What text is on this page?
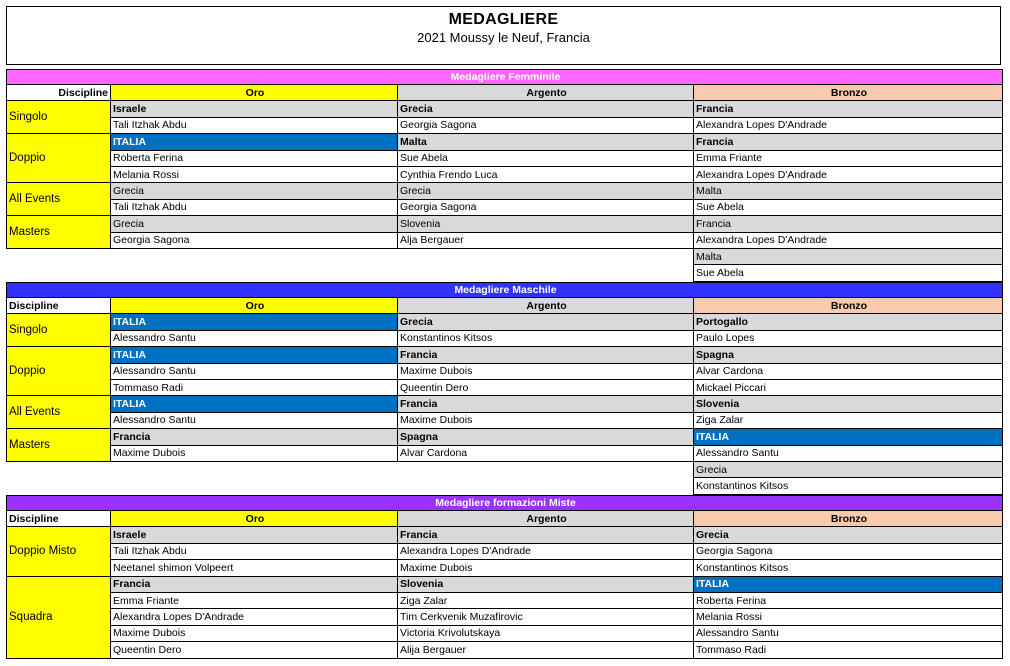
MEDAGLIERE
2021 Moussy le Neuf, Francia
Medagliere Femminile			
Discipline	Oro	Argento	Bronzo
Singolo	Israele	Grecia	Francia
	Tali Itzhak Abdu	Georgia Sagona	Alexandra Lopes D'Andrade
Doppio	ITALIA	Malta	Francia
	Roberta Ferina	Sue Abela	Emma Friante
	Melania Rossi	Cynthia Frendo Luca	Alexandra Lopes D'Andrade
All Events	Grecia	Grecia	Malta
	Tali Itzhak Abdu	Georgia Sagona	Sue Abela
Masters	Grecia	Slovenia	Francia
	Georgia Sagona	Alja Bergauer	Alexandra Lopes D'Andrade
			Malta
			Sue Abela
Medagliere Maschile			
Discipline	Oro	Argento	Bronzo
Singolo	ITALIA	Grecia	Portogallo
	Alessandro Santu	Konstantinos Kitsos	Paulo Lopes
Doppio	ITALIA	Francia	Spagna
	Alessandro Santu	Maxime Dubois	Alvar Cardona
	Tommaso Radi	Queentin Dero	Mickael Piccari
All Events	ITALIA	Francia	Slovenia
	Alessandro Santu	Maxime Dubois	Ziga Zalar
Masters	Francia	Spagna	ITALIA
	Maxime Dubois	Alvar Cardona	Alessandro Santu
			Grecia
			Konstantinos Kitsos
Medagliere formazioni Miste			
Discipline	Oro	Argento	Bronzo
Doppio Misto	Israele	Francia	Grecia
	Tali Itzhak Abdu	Alexandra Lopes D'Andrade	Georgia Sagona
	Neetanel shimon Volpeert	Maxime Dubois	Konstantinos Kitsos
Squadra	Francia	Slovenia	ITALIA
	Emma Friante	Ziga Zalar	Roberta Ferina
	Alexandra Lopes D'Andrade	Tim Cerkvenik Muzafirovic	Melania Rossi
	Maxime Dubois	Victoria Krivolutskaya	Alessandro Santu
	Queentin Dero	Alija Bergauer	Tommaso Radi
